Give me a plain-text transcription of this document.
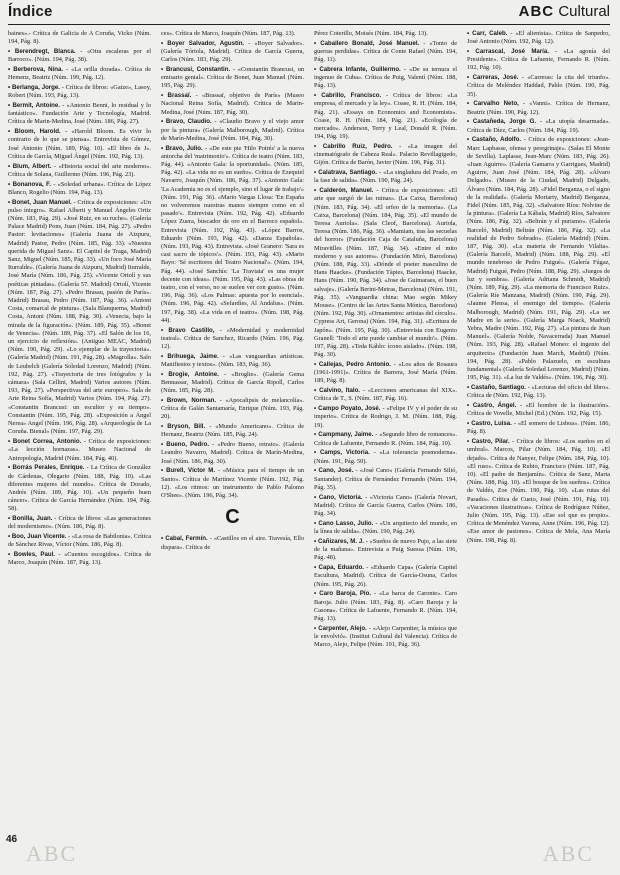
Índice	ABC Cultural

baines».- Crítica de Galicia de A Coruña, Vicko (Núm. 194, Pág. 8).

• Berendregt, Blanca. - «Otra escaleras por el Barroco». (Núm. 194, Pág. 38).

• Berberova, Nina. - «La orilla dorada». Crítica de Hemenz, Beatriz (Núm. 199, Pág. 12).

• Berlanga, Jorge. - Crítica de libros: «Gaize», Lasoy, Robert (Núm. 193, Pág. 13).

• Bermit, Antoine. - «Antonio Benni, lo residual y lo fantástico». Fundación Arte y Tecnología, Madrid. Crítica de Marin-Medina, José (Núm. 186, Pág. 27).

• Bloom, Harold. - «Harold Bloom. Es vivir lo contrario de lo que se piensa». Entrevista de Gómez, José Antonio (Núm. 189, Pág. 10). «El libro de J». Crítica de García, Miguel Ángel (Núm. 192, Pág. 13).

• Blum, Albert. - «Historia social del arte moderno». Crítica de Solana, Guillermo (Núm. 196, Pág. 23).

• Bonanova, F. - «Soledad urbana». Crítica de López Blanco, Rogelio (Núm. 194, Pág. 13).

• Bonet, Juan Manuel. - Crítica de exposiciones: «Un pulso íntegro». Rafael Alberti y Manuel Ángeles Ortiz (Núm. 183, Pág. 29). «José Ruiz, en su ruche». (Galería Palace Madrid) Pons, Juan (Núm. 184, Pág. 27). «Pedro Pastor: levitaciones» (Galería Juana de Aizpuru, Madrid) Pastor, Pedro (Núm. 185, Pág. 33). «Nuestra querida de Miguel Sanz». El Capitel de Traga, Madrid) Sanz, Miguel (Núm. 185, Pág. 33). «Un foco José María Iturralde». (Galería Juana de Aizpuru, Madrid) Iturralde, José María (Núm. 186, Pág. 25). «Vicente Ortolí y sus poéticas pintadas». (Galería 57. Madrid) Ortolí, Vicente (Núm. 187, Pág. 27). «Pedro Brasau, pasión de París». Madrid) Brasau, Pedro (Núm. 187, Pág. 36). «Antoni Costa, comarcal de pintura». (Sala Blanquerna, Madrid) Costa, Antoni (Núm. 188, Pág. 30). «Venecia, bajo la mirada de la figuración». (Núm. 189, Pág. 35). «Bonet de Venecia». (Núm. 189, Pág. 37). «El Salón de los 16, un ejercicio de reflexión». (Antiguo MEAC, Madrid) (Núm. 190, Pág. 29). «Lo ejemplar de la trayectoria». (Galería Madrid) (Núm. 191, Pág. 28). «Magrolla». Salo de Leubelch (Galería Soledad Lorenzo, Madrid) (Núm. 192, Pág. 27). «Trayectoria de tres fotógrafos y la cámara» (Sala Cellini, Madrid) Varios autores (Núm. 193, Pág. 27). «Perspectivas del arte europeo». Sala de Arte Reina Sofía, Madrid) Varios (Núm. 194, Pág. 27). «Constantin Brancusi: un escultor y su tiempo». Constantin (Núm. 195, Pág. 28). «Exposición a Ángel Nerea» Angel (Núm. 196, Pág. 28). «Arqueología de La Coruña. Bienal» (Núm. 197, Pág. 29).

• Bonet Correa, Antonio. - Crítica de exposiciones: «La lección hornazas». Museo Nacional de Antropología, Madrid (Núm. 184, Pág. 40).

• Borrás Perales, Enrique. - La Crítica de González de Cárdenas, Olegario (Núm. 188, Pág. 10). «Las diferentes mujeres del mundo». Crítica de Dorado, Andrés (Núm. 189, Pág. 10). «Un pequeño buen cáncer». Crítica de García Hernández (Núm. 194, Pág. 58).

• Bonilla, Juan. - Crítica de libros: «Las generaciones del modernismo». (Núm. 186, Pág. 8).

• Boo, Juan Vicente. - «La rosa de Babilonia». Crítica de Sánchez Rivas, Víctor (Núm. 186, Pág. 8).

• Bowles, Paul. - «Cuentos escogidos». Crítica de Marco, Joaquín (Núm. 187, Pág. 13).

ces». Crítica de Marco, Joaquín (Núm. 187, Pág. 13).

• Boyer Salvador, Agustín. - «Boyer Salvador». (Galería Tórtola, Madrid). Crítica de García Guerra, Carlos (Núm. 183, Pág. 29).

• Brancusi, Constantin. - «Constantin Brancusi, un emisario genial». Crítica de Bonet, Juan Manuel (Núm. 195, Pág. 29).

• Brassaï. - «Brassaï, objetivo de París» (Museo Nacional Reina Sofía, Madrid). Crítica de Marin-Medina, José (Núm. 187, Pág. 30).

• Bravo, Claudio. - «Claudio Bravo y el viejo amor por la pintura» (Galería Malborough, Madrid). Crítica de Marín-Medina, José (Núm. 184, Pág. 30).

• Bravo, Julio. - «De este pie 'Hilo Potrés' a la nueva antorcha del 'matrimonio'». Crítica de teatro (Núm. 183, Pág. 44). «Antonio Gala: la oportunidad». (Núm. 185, Pág. 42). «La vida no es un sueño». Crítica de Ezequiel Navarro, Joaquín (Núm. 186, Pág. 37). «Antonio Gala: 'La Academia no es el ejemplo, sino el lugar de trabajo'» (Núm. 191, Pág. 36). «Mario Vargas Llosa: 'En España no volveremos nuestras manos siempre como en el pasado'». Entrevista (Núm. 192, Pág. 42). «Eduardo López Zuera, buscador de oro en el Barroco español». Entrevista (Núm. 192, Pág. 43). «López Barros, Eduardo (Núm. 193, Pág. 42). «Danza Española». (Núm. 193, Pág. 43). Entrevista. «José Granero: 'Sara es casi sacro de tópicos'». (Núm. 193, Pág. 43). «Mario Bayo: 'Sé escritores del Teatro Nacional'». (Núm. 194, Pág. 44). «José Sanchís: 'La Traviata' es una mujer decente con ideas». (Núm. 195, Pág. 43). «Las obras de teatro, con el verso, no se suelen ver con gusto». (Núm. 196, Pág. 36). «Los Palmas: apuesta por lo esencial». (Núm. 196, Pág. 42). «Sefardíes, Al Andalus». (Núm. 197, Pág. 38). «La vida en el teatro». (Núm. 198, Pág. 44).

• Bravo Castillo, - «Modernidad y modernidad teatral». Crítica de Sanchez, Ricardo (Núm. 196, Pág. 12).

• Brihuega, Jaime. - «Las vanguardias artísticas. Manifiestos y textos». (Núm. 183, Pág. 36).

• Brogie, Antoine. - «Broglie». (Galería Gema Bennassar, Madrid). Crítica de García Ripoll, Carlos (Núm. 185, Pág. 28).

• Brown, Norman. - «Apocalipsis de melancolía». Crítica de Galán Santamaría, Enrique (Núm. 193, Pág. 20).

• Bryson, Bill. - «Mundo Americano». Crítica de Hernanz, Beatriz (Núm. 185, Pág. 24).

• Bueno, Pedro. - «Pedro Bueno, retrato». (Galería Leandro Navarro, Madrid). Crítica de Marín-Medina, José (Núm. 186, Pág. 30).

• Burell, Víctor M. - «Música para el tiempo de un Santo». Crítica de Martínez Vicente (Núm. 192, Pág. 12). «Los ritmos: un instrumento de Pablo Palomo O'Shee». (Núm. 196, Pág. 34).

C

• Cabal, Fermín. - «Castillos en el aire. Travesía, Ello dispara». Crítica de

Pérez Coterillo, Moisés (Núm. 184, Pág. 13).

• Caballero Bonald, José Manuel. - «Tonto de guerras perdidas». Crítica de Conte Rafael (Núm. 194, Pág. 11).

• Cabrera Infante, Guillermo. - «De su ternura el ingenuo de Cuba». Crítica de Puig, Valentí (Núm. 188, Pág. 13).

• Cabrillo, Francisco. - Crítica de libros: «La empresa, el mercado y la ley». Coase, R. H. (Núm. 184, Pág. 21). «Essays on Economics and Economists». Coase, R. H. (Núm. 184, Pág. 21). «Ecología de mercado». Anderson, Terry y Leal, Donald R. (Núm. 194, Pág. 19).

• Cabrillo Ruiz, Pedro. - «La imagen del cinematógrafo de Cabeza Real». Palacio Revillagigedo, Gijón. Crítica de Barón, Javier (Núm. 196, Pág. 31).

• Calatrava, Santiago. - «La singladura del Prado, en la fase de salida». (Núm. 190, Pág. 24).

• Calderón, Manuel. - Crítica de exposiciones: «El arte que surgió de las ruinas». (La Caixa, Barcelona) (Núm. 183, Pág. 34). «El orfeo de la memoria». (La Caixa, Barcelona) (Núm. 184, Pág. 35). «El mundo de Teresa Auriola». (Sala Cleof, Barcelona). Auriola, Teresa (Núm. 186, Pág. 36). «Mamiam, tras las secuelas del horror» (Fundación Caja de Cataluña, Barcelona) Miravitlles (Núm. 187, Pág. 34). «Entre el mito moderno y sus autores». (Fundación Miró, Barcelona) (Núm. 188, Pág. 33). «Dónde el poeter masculino de Hans Haacke». (Fundación Tàpies, Barcelona) Haacke, Hans (Núm. 190, Pág. 34). «Jose de Guimaraes, el buen salvaje». (Galería Berini-Metras, Barcelona) (Núm. 191, Pág. 35). «Vanguardia china: Mao según Mikey Mouse». (Centro de las Artes Santa Mónica, Barcelona) (Núm. 192, Pág. 30). «Ornamentos: artistas del círculo». Cypress Art, Gerona) (Núm. 194, Pág. 31). «Ecritura de Japón». (Núm. 195, Pág. 30). «Entrevista con Eugenio Granell: 'Todo el arte puede cambiar el mundo'». (Núm. 197, Pág. 28). «Teda Káhlo: ícono aislado». (Núm. 198, Pág. 30).

• Callejas, Pedro Antonio. - «Los años de Rosaura (1961-1991)». Crítica de Barrera, José María (Núm. 189, Pág. 8).

• Calvino, Italo. - «Lecciones americanas del XIX». Crítica de T., S. (Núm. 187, Pág. 16).

• Campo Poyato, José. - «Felipe IV y el poder de su imperio». Crítica de Rodrigo, J. M. (Núm. 188, Pág. 19).

• Campmany, Jaime. - «Segundo libro de romances». Crítica de Lafuente, Fernando R. (Núm. 184, Pág. 10).

• Camps, Victoria. - «La tolerancia posmoderna». (Núm. 191, Pág. 50).

• Cano, José. - «José Cano» (Galería Fernando Silió, Santander). Crítica de Fernández Fernando (Núm. 194, Pág. 35).

• Cano, Victoria. - «Victoria Cano» (Galería Novart, Madrid). Crítica de García Guerra, Carlos (Núm. 186, Pág. 34).

• Cano Lasso, Julio. - «Un arquitecto del mundo, en la línea de salida». (Núm. 190, Pág. 24).

• Cañizares, M. J. - «Sueños de nuevo Pujo, a las siete de la mañana». Entrevista a Puig Suessa (Núm. 196, Pág. 48).

• Capa, Eduardo. - «Eduardo Capa» (Galería Capitel Escultura, Madrid). Crítica de García-Osuna, Carlos (Núm. 195, Pág. 26).

• Caro Baroja, Pío. - «La barca de Caronte». Caro Baroja. Julio (Núm. 183, Pág. 8). «Caro Baroja y la Casona». Crítica de Lafuente, Fernando R. (Núm. 194, Pág. 13).

• Carpenter, Alejo. - «Alejo Carpentier, la música que le envolvió». (Institut Cultural del Valencia). Crítica de Marco, Alejo, Felipe (Núm. 191, Pág. 36).

• Carr, Caleb. - «El alienista». Crítica de Sanpedro, José Antonio (Núm. 192, Pág. 12).

• Carrascal, José María. - «La agonía del Presidente». Crítica de Lafuente, Fernando R. (Núm. 192, Pág. 10).

• Carreras, José. - «Carreras: la cita del triunfo». Crítica de Meléndez Haddad, Pablo (Núm. 190, Pág. 35).

• Carvalho Neto, - «Vanni». Crítica de Hernanz, Beatriz (Núm. 190, Pág. 12).

• Castañeda, Jorge G. - «La utopía desarmada». Crítica de Díez, Carlos (Núm. 184, Pág. 19).

• Castaño, Adolfo. - Crítica de exposiciones: «Jean-Marc Lapbasse, ofensa y peregrinaje». (Salas El Monte de Sevilla). Laplasse, Jean-Marc (Núm. 183, Pág. 26). «Juan Aguirre». (Galería Gamarra y Garrigues, Madrid) Aguirre, Juan José (Núm. 184, Pág. 28). «Álvaro Delgado». (Museo de la Ciudad, Madrid) Delgado, Álvaro (Núm. 184, Pág. 28). «Fidel Berganza, o el signo de la realidad». (Galería Moriarty, Madrid) Berganza, Fidel (Núm. 185, Pág. 32). «Salvatore Ríos: Nolvine de la pintura». (Galería La Kábala, Madrid) Ríos, Salvatore (Núm. 186, Pág. 32). «Beltrán y el purismo». (Galería Barceló, Madrid) Beltrán (Núm. 186, Pág. 32). «La realidad de Pedro Sobrado». (Galería Madrid) (Núm. 187, Pág. 30). «La materia de Fernando Vilalta». (Galería Barceló, Madrid) (Núm. 188, Pág. 29). «El mundo tenebroso de Pedro Fuigué». (Galería Fúgaz, Madrid) Fuigué, Pedro (Núm. 188, Pág. 29). «Juegos de luz y sombra». (Galería Adriana Schmidt, Madrid) (Núm. 189, Pág. 29). «La memoria de Francisco Ruiz». (Galería Ríe Manzana, Madrid) (Núm. 190, Pág. 29). «Jaume Plensa, el enemigo del tiempo». (Galería Malborough, Madrid) (Núm. 191, Pág. 29). «La ser Madre en la serie». (Galería Marga Noack, Madrid) Yebra, Madre (Núm. 192, Pág. 27). «La pintura de Juan Manuel». (Galería Nolde, Navacerrada) Juan Manuel (Núm. 193, Pág. 28). «Rafael Moneo: el ingenio del arquitecto» (Fundación Juan March, Madrid) (Núm. 194, Pág. 28). «Pablo Palazuelo, en escultura fundamental» (Galería Soledad Lorenzo, Madrid) (Núm. 195, Pág. 31). «La luz de Valdés». (Núm. 196, Pág. 30).

• Castaño, Santiago. - «Lecturas del oficio del libro». Crítica de (Núm. 192, Pág. 13).

• Castro, Ángel. - «El hombre de la ilustración». Crítica de Vovelle, Michel (Ed.) (Núm. 192, Pág. 15).

• Castro, Luisa. - «El somero de Lisboa». (Núm. 186, Pág. 8).

• Castro, Pilar. - Crítica de libros: «Los sueños en el umbral». Marcos, Pilar (Núm. 184, Pág. 10). «El dejado». Crítica de Nanyer, Felipe (Núm. 184, Pág. 10). «El ruso». Crítica de Rubio, Francisco (Núm. 187, Pág. 10). «El padre de Benjamín». Crítica de Sanz, Marta (Núm. 188, Pág. 10). «El bosque de los sueños». Crítica de Valdés, Zoe (Núm. 190, Pág. 10). «Las rutas del Pasado». Crítica de Cueto, José (Núm. 191, Pág. 10). «Vacaciones ilustrativas». Crítica de Rodríguez Núñez, Julio (Núm. 195, Pág. 13). «Ese sol que es propio». Crítica de Menéndez Varona, Anne (Núm. 196, Pág. 12). «Ese amor de pasiones». Crítica de Mela, Ana María (Núm. 198, Pág. 8).

46
ABC	ABC
